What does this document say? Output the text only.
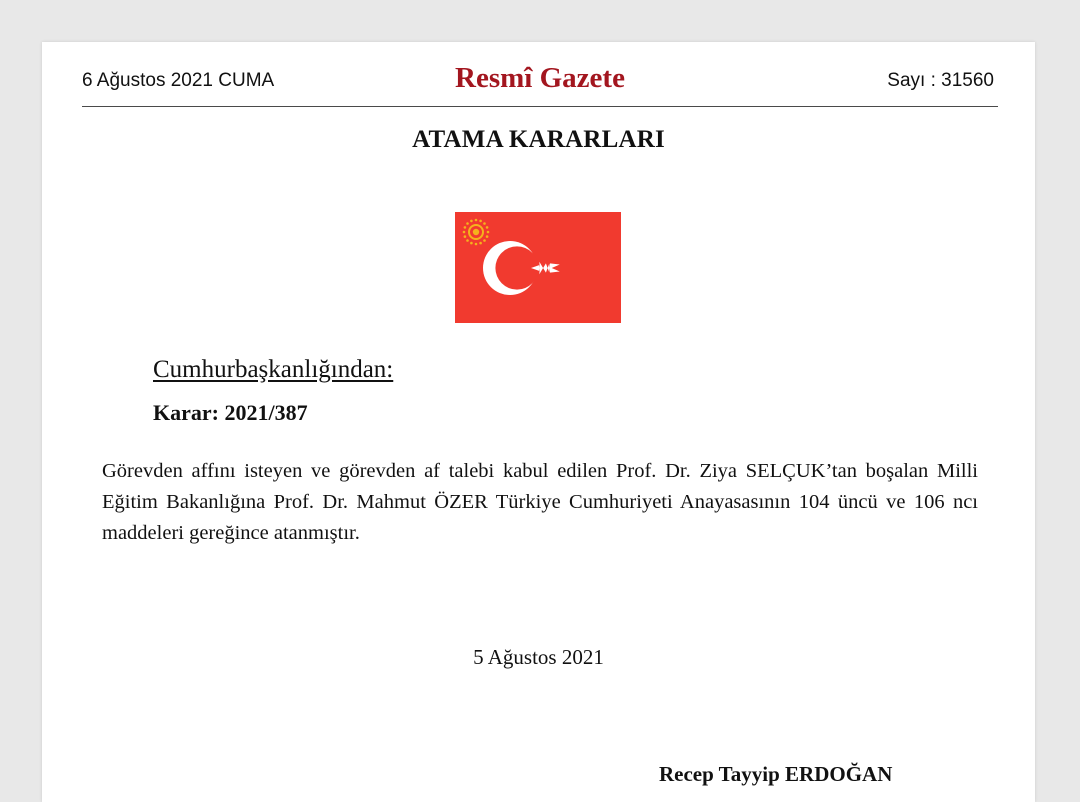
6 Ağustos 2021 CUMA	Resmî Gazete	Sayı : 31560
ATAMA KARARLARI
Cumhurbaşkanlığından:
Karar: 2021/387

Görevden affını isteyen ve görevden af talebi kabul edilen Prof. Dr. Ziya SELÇUK’tan boşalan Milli Eğitim Bakanlığına Prof. Dr. Mahmut ÖZER Türkiye Cumhuriyeti Anayasasının 104 üncü ve 106 ncı maddeleri gereğince atanmıştır.

5 Ağustos 2021
Recep Tayyip ERDOĞAN
